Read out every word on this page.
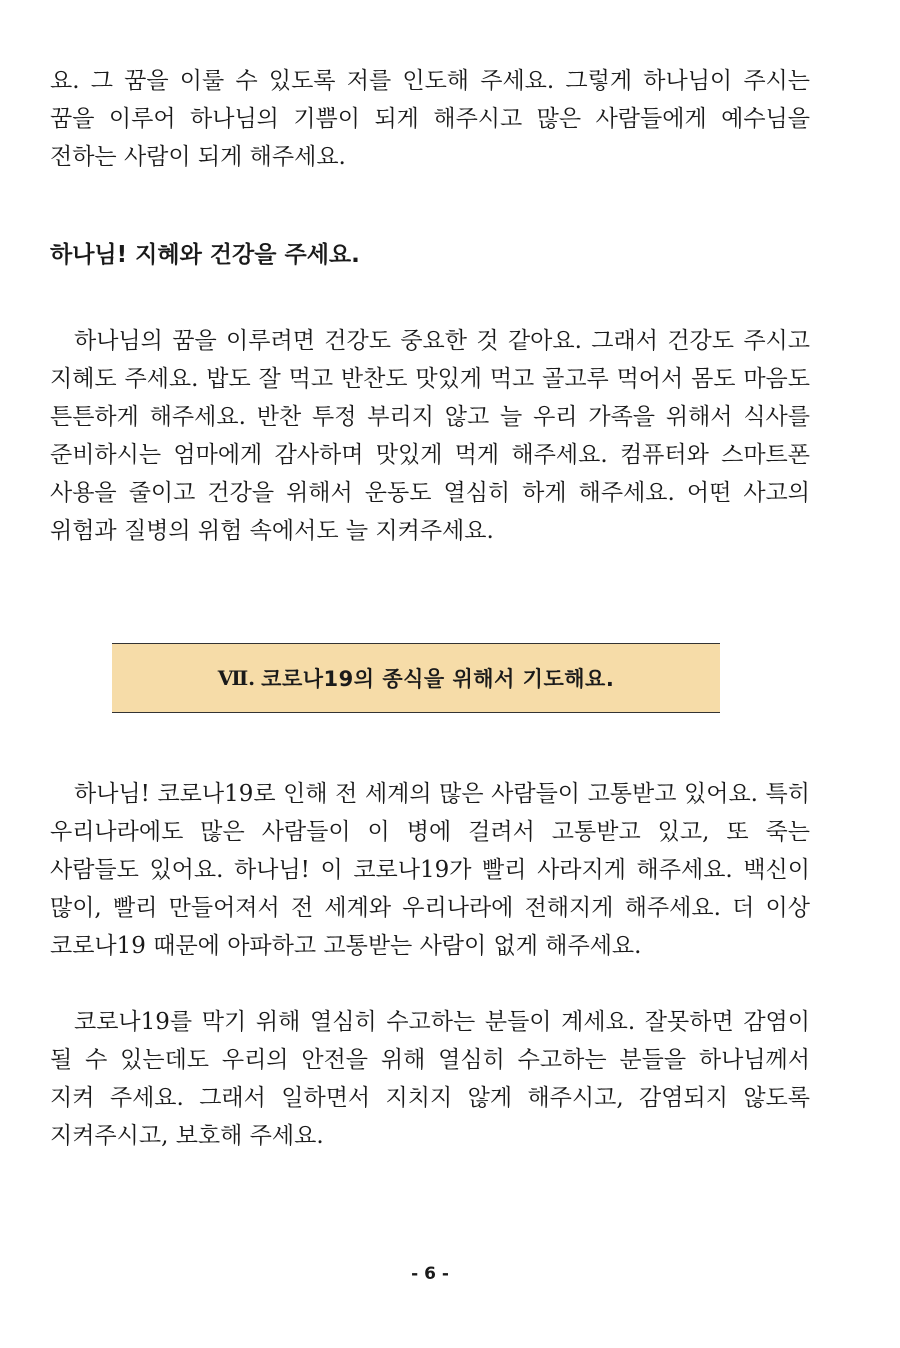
요. 그 꿈을 이룰 수 있도록 저를 인도해 주세요. 그렇게 하나님이 주시는 꿈을 이루어 하나님의 기쁨이 되게 해주시고 많은 사람들에게 예수님을 전하는 사람이 되게 해주세요.

하나님! 지혜와 건강을 주세요.

하나님의 꿈을 이루려면 건강도 중요한 것 같아요. 그래서 건강도 주시고 지혜도 주세요. 밥도 잘 먹고 반찬도 맛있게 먹고 골고루 먹어서 몸도 마음도 튼튼하게 해주세요. 반찬 투정 부리지 않고 늘 우리 가족을 위해서 식사를 준비하시는 엄마에게 감사하며 맛있게 먹게 해주세요. 컴퓨터와 스마트폰 사용을 줄이고 건강을 위해서 운동도 열심히 하게 해주세요. 어떤 사고의 위험과 질병의 위험 속에서도 늘 지켜주세요.

Ⅶ. 코로나19의 종식을 위해서 기도해요.

하나님! 코로나19로 인해 전 세계의 많은 사람들이 고통받고 있어요. 특히 우리나라에도 많은 사람들이 이 병에 걸려서 고통받고 있고, 또 죽는 사람들도 있어요. 하나님! 이 코로나19가 빨리 사라지게 해주세요. 백신이 많이, 빨리 만들어져서 전 세계와 우리나라에 전해지게 해주세요. 더 이상 코로나19 때문에 아파하고 고통받는 사람이 없게 해주세요.

코로나19를 막기 위해 열심히 수고하는 분들이 계세요. 잘못하면 감염이 될 수 있는데도 우리의 안전을 위해 열심히 수고하는 분들을 하나님께서 지켜 주세요. 그래서 일하면서 지치지 않게 해주시고, 감염되지 않도록 지켜주시고, 보호해 주세요.

- 6 -
